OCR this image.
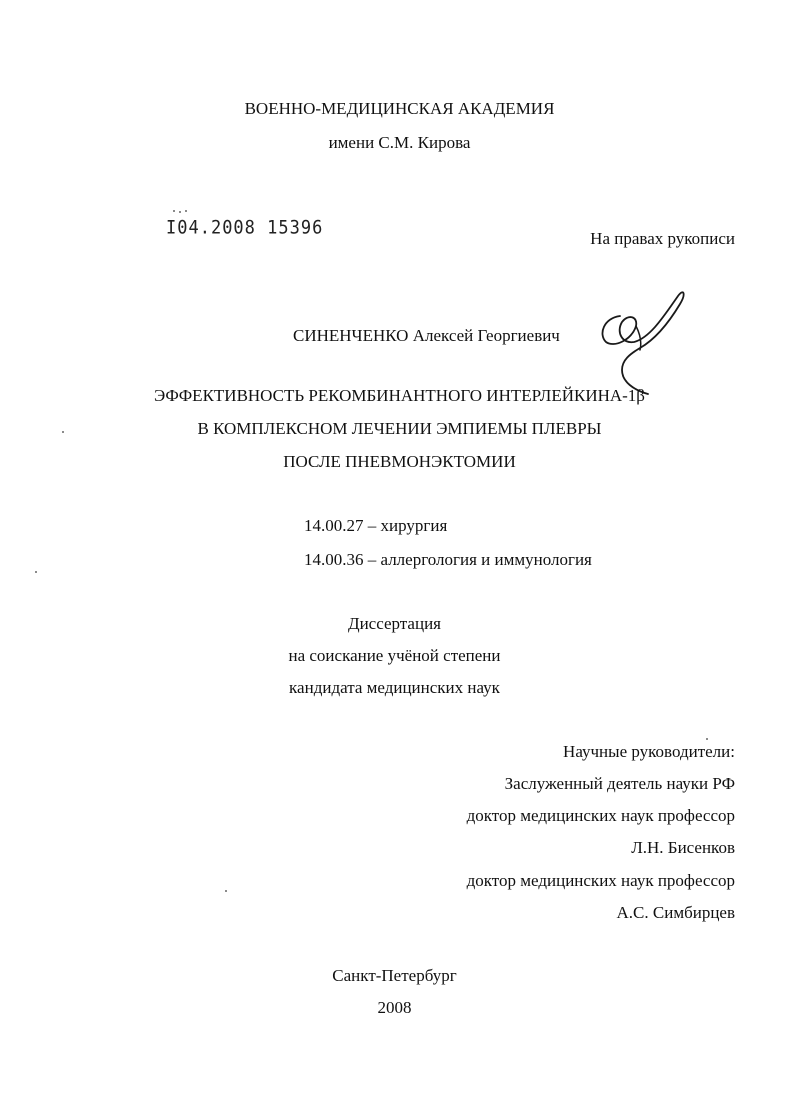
ВОЕННО-МЕДИЦИНСКАЯ АКАДЕМИЯ
имени С.М. Кирова
I04.2008 15396	На правах рукописи
СИНЕНЧЕНКО Алексей Георгиевич
ЭФФЕКТИВНОСТЬ РЕКОМБИНАНТНОГО ИНТЕРЛЕЙКИНА-1β
В КОМПЛЕКСНОМ ЛЕЧЕНИИ ЭМПИЕМЫ ПЛЕВРЫ
ПОСЛЕ ПНЕВМОНЭКТОМИИ
14.00.27 – хирургия
14.00.36 – аллергология и иммунология
Диссертация
на соискание учёной степени
кандидата медицинских наук
Научные руководители:
Заслуженный деятель науки РФ
доктор медицинских наук профессор
Л.Н. Бисенков
доктор медицинских наук профессор
А.С. Симбирцев
Санкт-Петербург
2008
